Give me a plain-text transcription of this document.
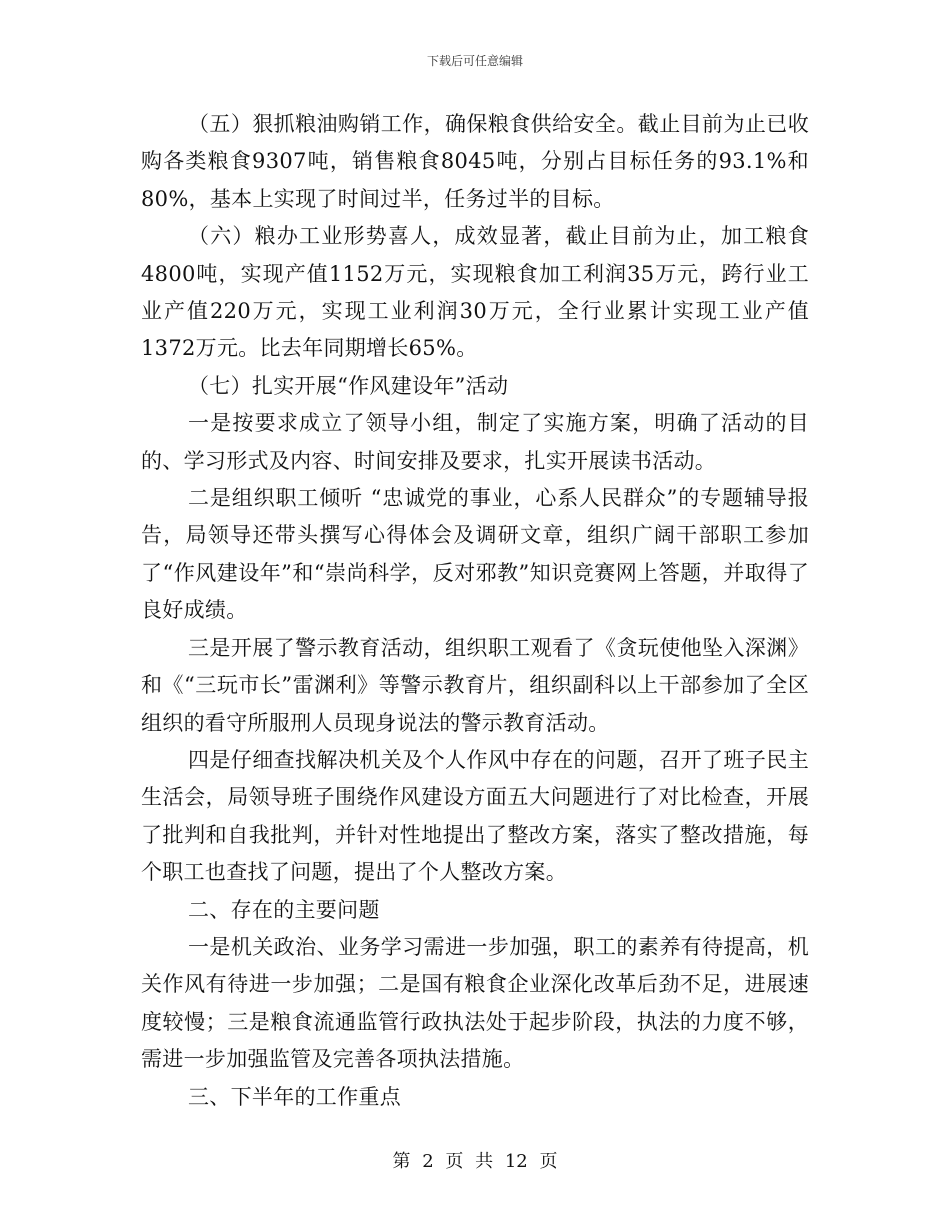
下载后可任意编辑

（五）狠抓粮油购销工作，确保粮食供给安全。截止目前为止已收购各类粮食9307吨，销售粮食8045吨，分别占目标任务的93.1%和80%，基本上实现了时间过半，任务过半的目标。

（六）粮办工业形势喜人，成效显著，截止目前为止，加工粮食4800吨，实现产值1152万元，实现粮食加工利润35万元，跨行业工业产值220万元，实现工业利润30万元，全行业累计实现工业产值1372万元。比去年同期增长65%。

（七）扎实开展“作风建设年”活动

一是按要求成立了领导小组，制定了实施方案，明确了活动的目的、学习形式及内容、时间安排及要求，扎实开展读书活动。

二是组织职工倾听 “忠诚党的事业，心系人民群众”的专题辅导报告，局领导还带头撰写心得体会及调研文章，组织广阔干部职工参加了“作风建设年”和“崇尚科学，反对邪教”知识竞赛网上答题，并取得了良好成绩。

三是开展了警示教育活动，组织职工观看了《贪玩使他坠入深渊》和《“三玩市长”雷渊利》等警示教育片，组织副科以上干部参加了全区组织的看守所服刑人员现身说法的警示教育活动。

四是仔细查找解决机关及个人作风中存在的问题，召开了班子民主生活会，局领导班子围绕作风建设方面五大问题进行了对比检查，开展了批判和自我批判，并针对性地提出了整改方案，落实了整改措施，每个职工也查找了问题，提出了个人整改方案。

二、存在的主要问题

一是机关政治、业务学习需进一步加强，职工的素养有待提高，机关作风有待进一步加强；二是国有粮食企业深化改革后劲不足，进展速度较慢；三是粮食流通监管行政执法处于起步阶段，执法的力度不够，需进一步加强监管及完善各项执法措施。

三、下半年的工作重点

第 2 页 共 12 页
